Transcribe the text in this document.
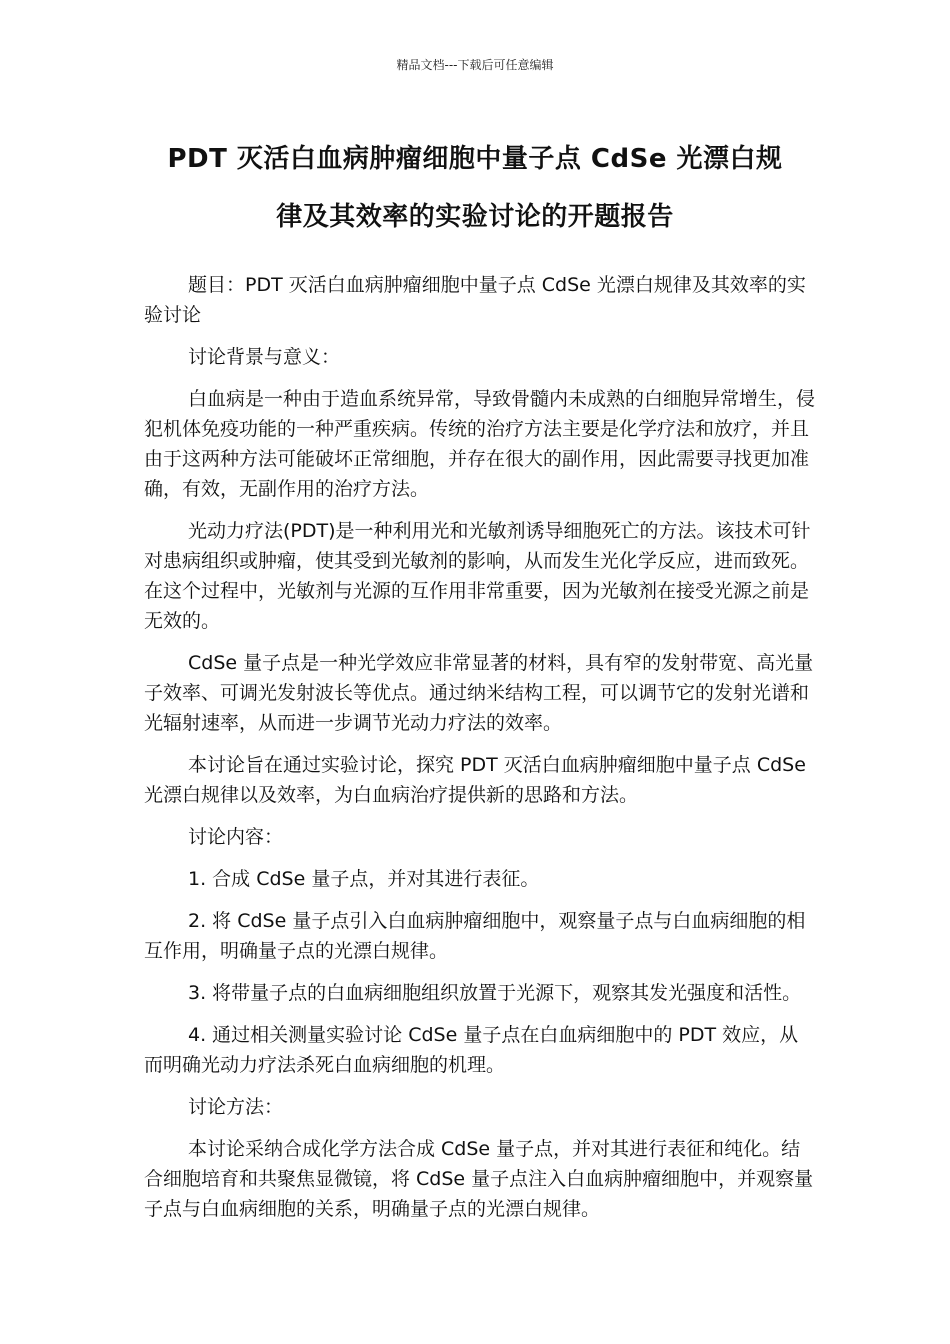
精品文档---下载后可任意编辑
PDT 灭活白血病肿瘤细胞中量子点 CdSe 光漂白规
律及其效率的实验讨论的开题报告

题目：PDT 灭活白血病肿瘤细胞中量子点 CdSe 光漂白规律及其效率的实验讨论

讨论背景与意义：

白血病是一种由于造血系统异常，导致骨髓内未成熟的白细胞异常增生，侵犯机体免疫功能的一种严重疾病。传统的治疗方法主要是化学疗法和放疗，并且由于这两种方法可能破坏正常细胞，并存在很大的副作用，因此需要寻找更加准确，有效，无副作用的治疗方法。

光动力疗法(PDT)是一种利用光和光敏剂诱导细胞死亡的方法。该技术可针对患病组织或肿瘤，使其受到光敏剂的影响，从而发生光化学反应，进而致死。在这个过程中，光敏剂与光源的互作用非常重要，因为光敏剂在接受光源之前是无效的。

CdSe 量子点是一种光学效应非常显著的材料，具有窄的发射带宽、高光量子效率、可调光发射波长等优点。通过纳米结构工程，可以调节它的发射光谱和光辐射速率，从而进一步调节光动力疗法的效率。

本讨论旨在通过实验讨论，探究 PDT 灭活白血病肿瘤细胞中量子点 CdSe 光漂白规律以及效率，为白血病治疗提供新的思路和方法。

讨论内容：

1. 合成 CdSe 量子点，并对其进行表征。

2. 将 CdSe 量子点引入白血病肿瘤细胞中，观察量子点与白血病细胞的相互作用，明确量子点的光漂白规律。

3. 将带量子点的白血病细胞组织放置于光源下，观察其发光强度和活性。

4. 通过相关测量实验讨论 CdSe 量子点在白血病细胞中的 PDT 效应，从而明确光动力疗法杀死白血病细胞的机理。

讨论方法：

本讨论采纳合成化学方法合成 CdSe 量子点，并对其进行表征和纯化。结合细胞培育和共聚焦显微镜，将 CdSe 量子点注入白血病肿瘤细胞中，并观察量子点与白血病细胞的关系，明确量子点的光漂白规律。
